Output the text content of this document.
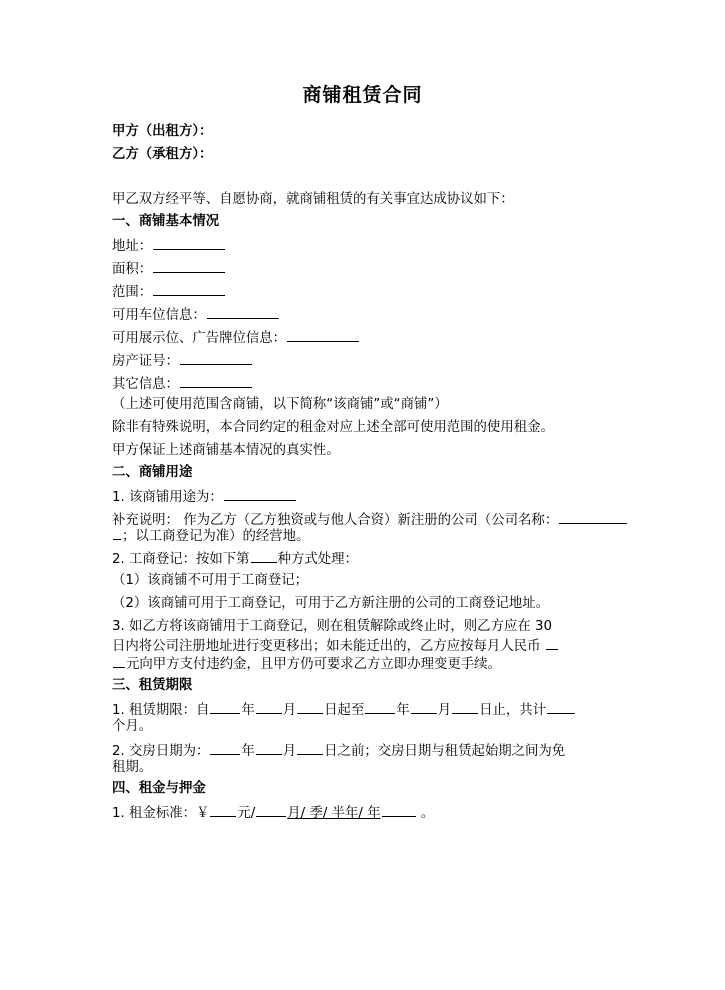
商铺租赁合同
甲方（出租方）：
乙方（承租方）：
甲乙双方经平等、自愿协商，就商铺租赁的有关事宜达成协议如下：
一、商铺基本情况
地址：
面积：
范围：
可用车位信息：
可用展示位、广告牌位信息：
房产证号：
其它信息：
（上述可使用范围含商铺，以下简称“该商铺”或“商铺”）
除非有特殊说明，本合同约定的租金对应上述全部可使用范围的使用租金。
甲方保证上述商铺基本情况的真实性。
二、商铺用途
1. 该商铺用途为：
补充说明： 作为乙方（乙方独资或与他人合资）新注册的公司（公司名称：
；以工商登记为准）的经营地。
2. 工商登记：按如下第 种方式处理：
（1）该商铺不可用于工商登记；
（2）该商铺可用于工商登记，可用于乙方新注册的公司的工商登记地址。
3. 如乙方将该商铺用于工商登记，则在租赁解除或终止时，则乙方应在 30
日内将公司注册地址进行变更移出；如未能迁出的，乙方应按每月人民币
元向甲方支付违约金，且甲方仍可要求乙方立即办理变更手续。
三、租赁期限
1. 租赁期限：自 年 月 日起至 年 月 日止，共计
个月。
2. 交房日期为： 年 月 日之前；交房日期与租赁起始期之间为免
租期。
四、租金与押金
1. 租金标准：￥ 元/ 月/ 季/ 半年/ 年	。
